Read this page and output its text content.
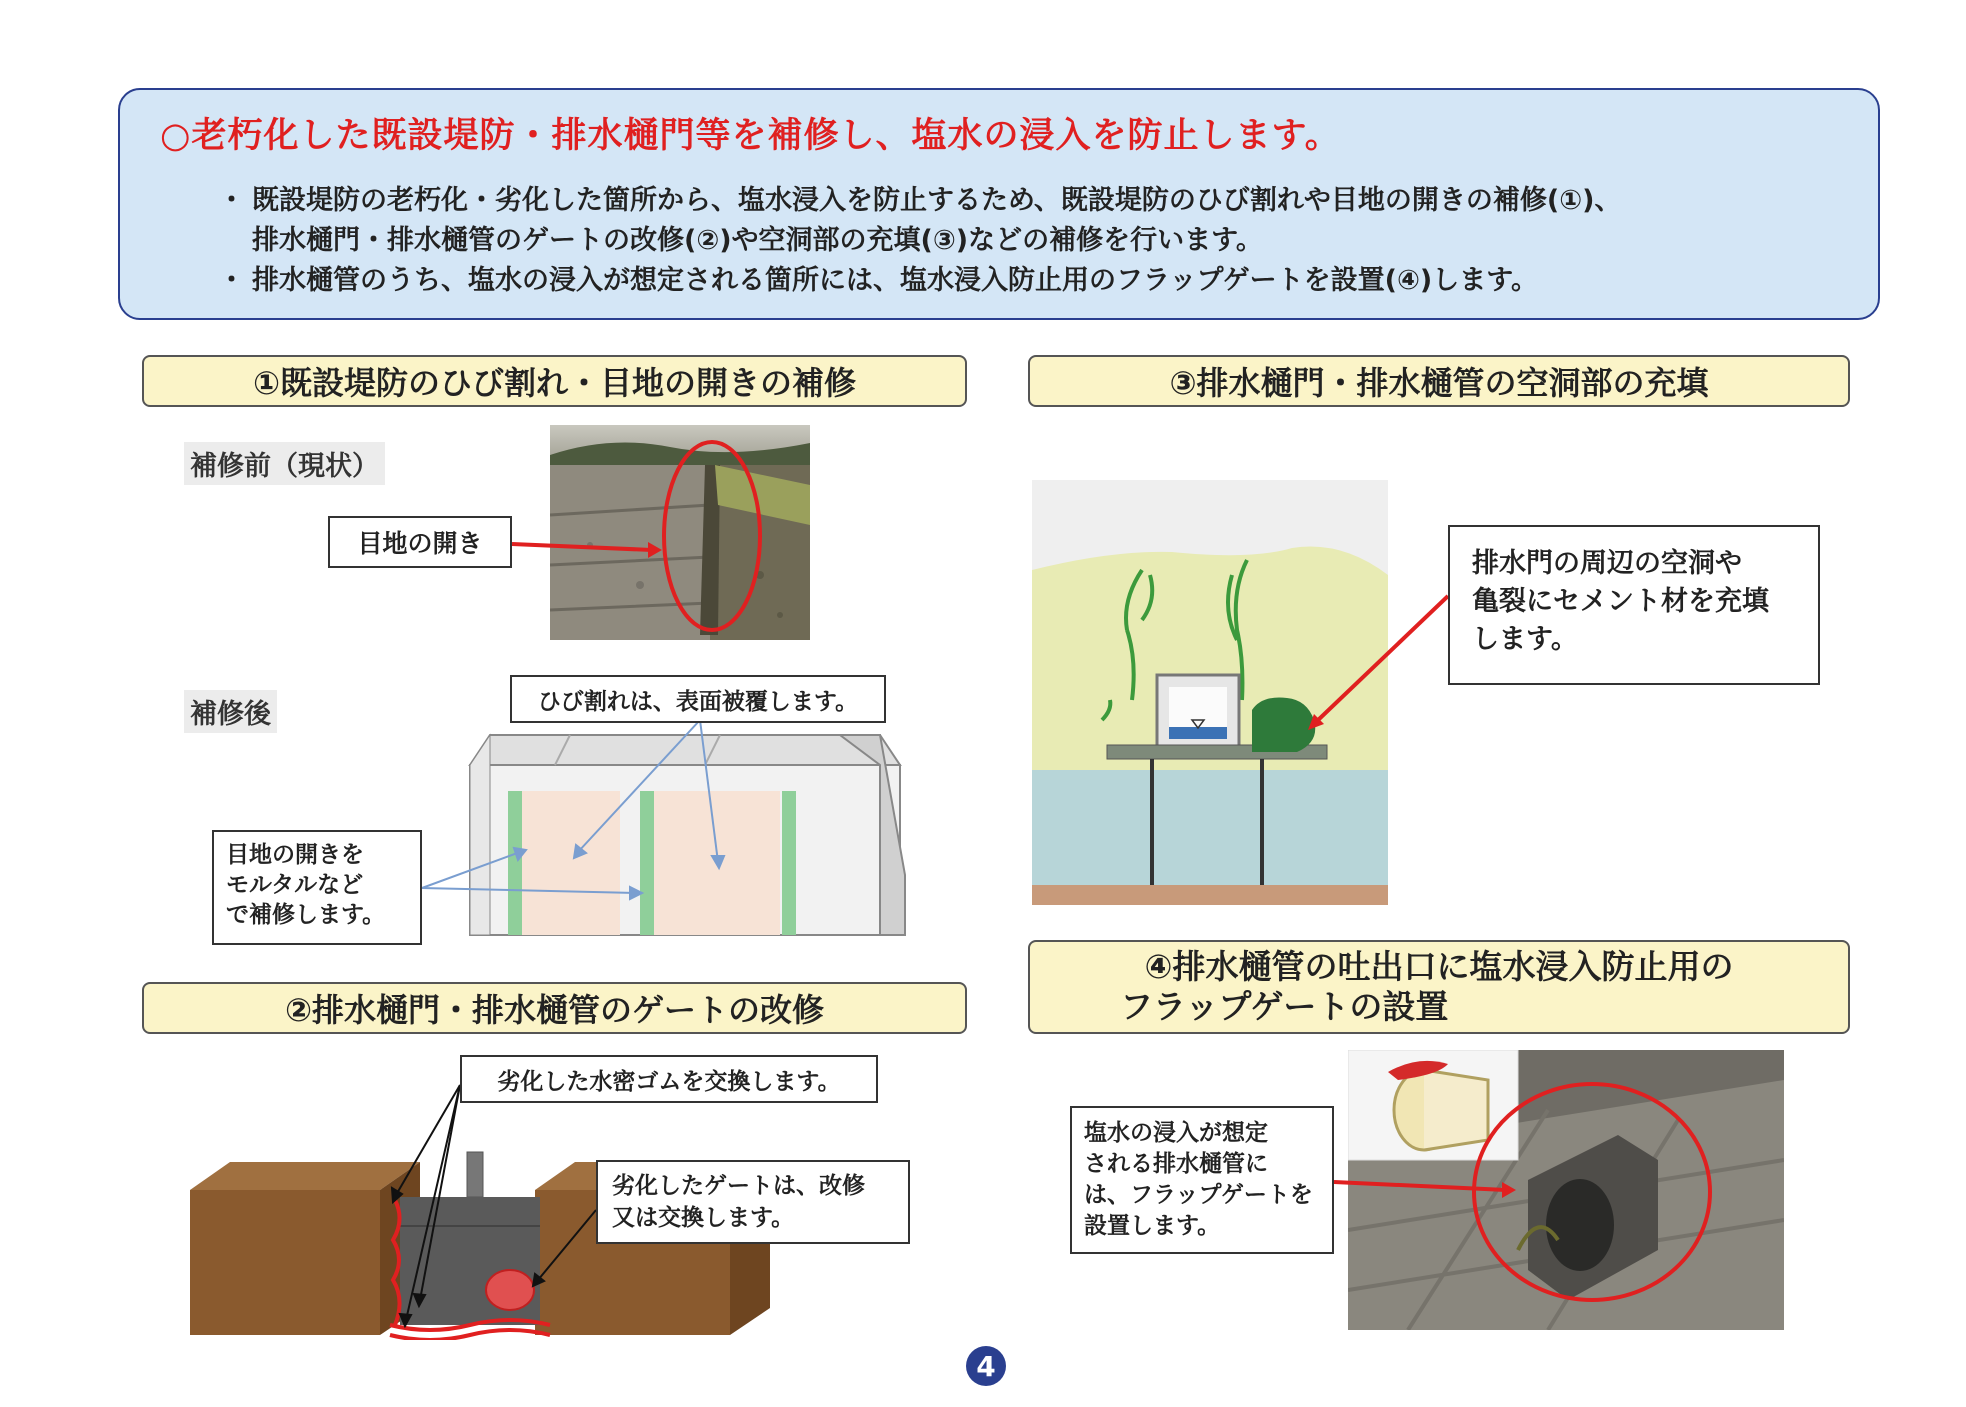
○老朽化した既設堤防・排水樋門等を補修し、塩水の浸入を防止します。
・ 既設堤防の老朽化・劣化した箇所から、塩水浸入を防止するため、既設堤防のひび割れや目地の開きの補修(①)、
排水樋門・排水樋管のゲートの改修(②)や空洞部の充填(③)などの補修を行います。
・ 排水樋管のうち、塩水の浸入が想定される箇所には、塩水浸入防止用のフラップゲートを設置(④)します。
①既設堤防のひび割れ・目地の開きの補修
補修前（現状）
目地の開き
補修後	ひび割れは、表面被覆します。
目地の開きを
モルタルなど
で補修します。
②排水樋門・排水樋管のゲートの改修
劣化した水密ゴムを交換します。
劣化したゲートは、改修
又は交換します。
③排水樋門・排水樋管の空洞部の充填
排水門の周辺の空洞や
亀裂にセメント材を充填
します。
④排水樋管の吐出口に塩水浸入防止用の
フラップゲートの設置
塩水の浸入が想定
される排水樋管に
は、フラップゲートを
設置します。
4
